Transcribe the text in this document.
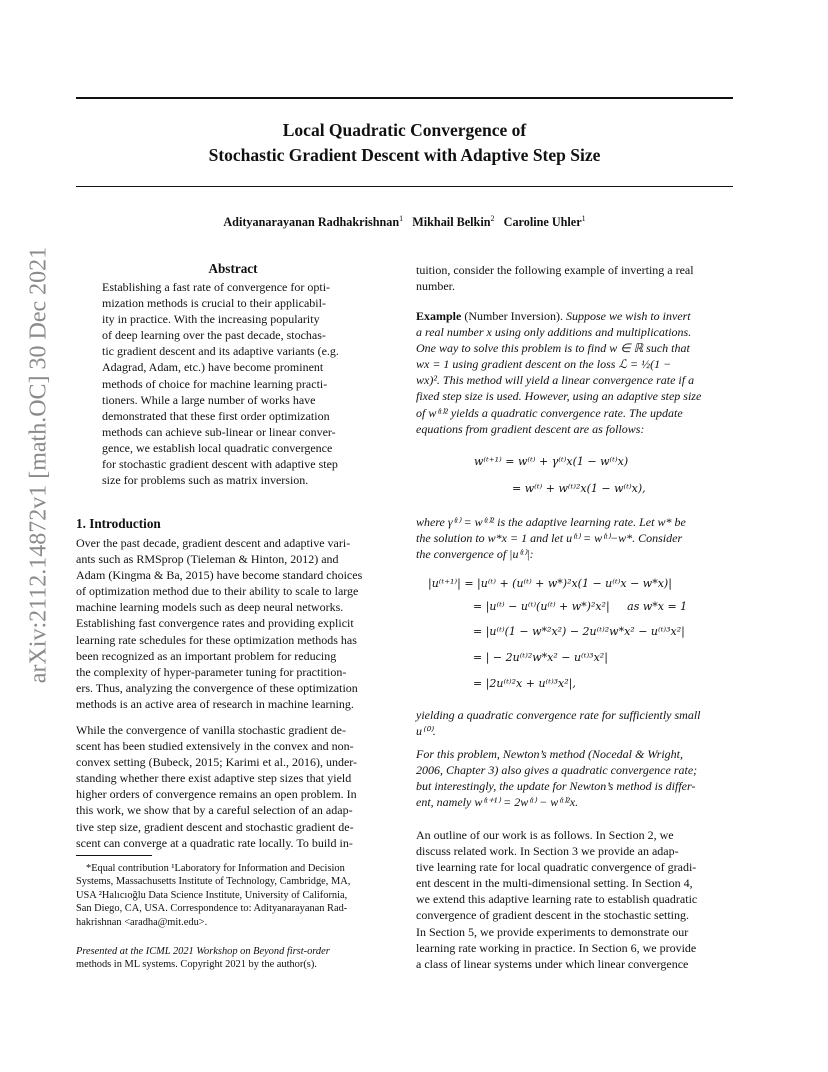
Local Quadratic Convergence of
Stochastic Gradient Descent with Adaptive Step Size
Adityanarayanan Radhakrishnan$^1$ Mikhail Belkin$^2$ Caroline Uhler$^1$
arXiv:2112.14872v1 [math.OC] 30 Dec 2021	Abstract

Establishing a fast rate of convergence for opti-

mization methods is crucial to their applicabil-

ity in practice. With the increasing popularity

of deep learning over the past decade, stochas-

tic gradient descent and its adaptive variants (e.g.

Adagrad, Adam, etc.) have become prominent

methods of choice for machine learning practi-

tioners. While a large number of works have

demonstrated that these first order optimization

methods can achieve sub-linear or linear conver-

gence, we establish local quadratic convergence

for stochastic gradient descent with adaptive step

size for problems such as matrix inversion.

1. Introduction

Over the past decade, gradient descent and adaptive vari-

ants such as RMSprop (Tieleman & Hinton, 2012) and

Adam (Kingma & Ba, 2015) have become standard choices

of optimization method due to their ability to scale to large

machine learning models such as deep neural networks.

Establishing fast convergence rates and providing explicit

learning rate schedules for these optimization methods has

been recognized as an important problem for reducing

the complexity of hyper-parameter tuning for practition-

ers. Thus, analyzing the convergence of these optimization

methods is an active area of research in machine learning.

While the convergence of vanilla stochastic gradient de-

scent has been studied extensively in the convex and non-

convex setting (Bubeck, 2015; Karimi et al., 2016), under-

standing whether there exist adaptive step sizes that yield

higher orders of convergence remains an open problem. In

this work, we show that by a careful selection of an adap-

tive step size, gradient descent and stochastic gradient de-

scent can converge at a quadratic rate locally. To build in-

*Equal contribution ¹Laboratory for Information and Decision
Systems, Massachusetts Institute of Technology, Cambridge, MA,
USA ²Halıcıoğlu Data Science Institute, University of California,
San Diego, CA, USA. Correspondence to: Adityanarayanan Rad-
hakrishnan <aradha@mit.edu>.
Presented at the ICML 2021 Workshop on Beyond first-order
methods in ML systems. Copyright 2021 by the author(s).

tuition, consider the following example of inverting a real

number.

Example (Number Inversion). Suppose we wish to invert

a real number x using only additions and multiplications.

One way to solve this problem is to find w ∈ ℝ such that

wx = 1 using gradient descent on the loss ℒ = ½(1 −

wx)². This method will yield a linear convergence rate if a

fixed step size is used. However, using an adaptive step size

of w⁽ᵗ⁾² yields a quadratic convergence rate. The update

equations from gradient descent are as follows:

w⁽ᵗ⁺¹⁾ = w⁽ᵗ⁾ + γ⁽ᵗ⁾x(1 − w⁽ᵗ⁾x)
= w⁽ᵗ⁾ + w⁽ᵗ⁾²x(1 − w⁽ᵗ⁾x),

where γ⁽ᵗ⁾ = w⁽ᵗ⁾² is the adaptive learning rate. Let w* be

the solution to w*x = 1 and let u⁽ᵗ⁾ = w⁽ᵗ⁾−w*. Consider

the convergence of |u⁽ᵗ⁾|:

|u⁽ᵗ⁺¹⁾| = |u⁽ᵗ⁾ + (u⁽ᵗ⁾ + w*)²x(1 − u⁽ᵗ⁾x − w*x)|
= |u⁽ᵗ⁾ − u⁽ᵗ⁾(u⁽ᵗ⁾ + w*)²x²|     as w*x = 1
= |u⁽ᵗ⁾(1 − w*²x²) − 2u⁽ᵗ⁾²w*x² − u⁽ᵗ⁾³x²|
= | − 2u⁽ᵗ⁾²w*x² − u⁽ᵗ⁾³x²|
= |2u⁽ᵗ⁾²x + u⁽ᵗ⁾³x²|,

yielding a quadratic convergence rate for sufficiently small

u⁽⁰⁾.

For this problem, Newton’s method (Nocedal & Wright,

2006, Chapter 3) also gives a quadratic convergence rate;

but interestingly, the update for Newton’s method is differ-

ent, namely w⁽ᵗ⁺¹⁾ = 2w⁽ᵗ⁾ − w⁽ᵗ⁾²x.

An outline of our work is as follows. In Section 2, we

discuss related work. In Section 3 we provide an adap-

tive learning rate for local quadratic convergence of gradi-

ent descent in the multi-dimensional setting. In Section 4,

we extend this adaptive learning rate to establish quadratic

convergence of gradient descent in the stochastic setting.

In Section 5, we provide experiments to demonstrate our

learning rate working in practice. In Section 6, we provide

a class of linear systems under which linear convergence
